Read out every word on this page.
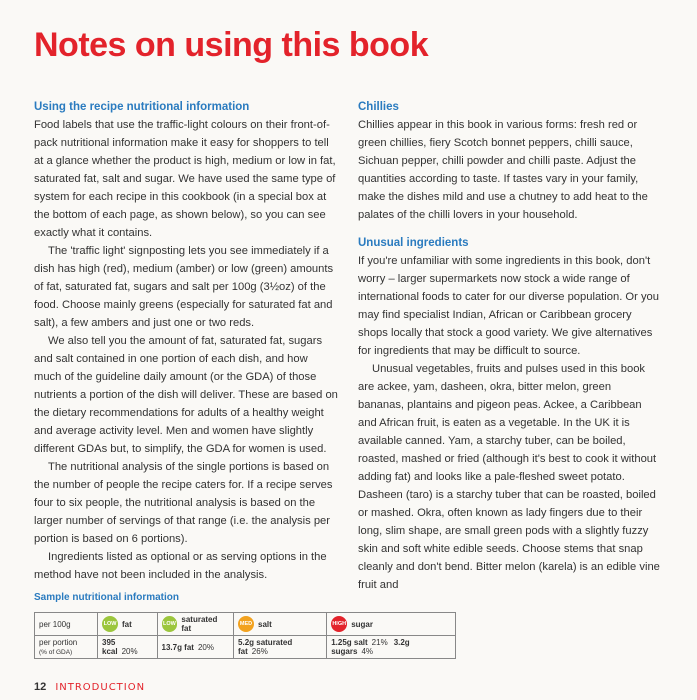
Notes on using this book
Using the recipe nutritional information

Food labels that use the traffic-light colours on their front-of-pack nutritional information make it easy for shoppers to tell at a glance whether the product is high, medium or low in fat, saturated fat, salt and sugar. We have used the same type of system for each recipe in this cookbook (in a special box at the bottom of each page, as shown below), so you can see exactly what it contains.

The 'traffic light' signposting lets you see immediately if a dish has high (red), medium (amber) or low (green) amounts of fat, saturated fat, sugars and salt per 100g (3½oz) of the food. Choose mainly greens (especially for saturated fat and salt), a few ambers and just one or two reds.

We also tell you the amount of fat, saturated fat, sugars and salt contained in one portion of each dish, and how much of the guideline daily amount (or the GDA) of those nutrients a portion of the dish will deliver. These are based on the dietary recommendations for adults of a healthy weight and average activity level. Men and women have slightly different GDAs but, to simplify, the GDA for women is used.

The nutritional analysis of the single portions is based on the number of people the recipe caters for. If a recipe serves four to six people, the nutritional analysis is based on the larger number of servings of that range (i.e. the analysis per portion is based on 6 portions).

Ingredients listed as optional or as serving options in the method have not been included in the analysis.

Chillies

Chillies appear in this book in various forms: fresh red or green chillies, fiery Scotch bonnet peppers, chilli sauce, Sichuan pepper, chilli powder and chilli paste. Adjust the quantities according to taste. If tastes vary in your family, make the dishes mild and use a chutney to add heat to the palates of the chilli lovers in your household.

Unusual ingredients

If you're unfamiliar with some ingredients in this book, don't worry – larger supermarkets now stock a wide range of international foods to cater for our diverse population. Or you may find specialist Indian, African or Caribbean grocery shops locally that stock a good variety. We give alternatives for ingredients that may be difficult to source.

Unusual vegetables, fruits and pulses used in this book are ackee, yam, dasheen, okra, bitter melon, green bananas, plantains and pigeon peas. Ackee, a Caribbean and African fruit, is eaten as a vegetable. In the UK it is available canned. Yam, a starchy tuber, can be boiled, roasted, mashed or fried (although it's best to cook it without adding fat) and looks like a pale-fleshed sweet potato. Dasheen (taro) is a starchy tuber that can be roasted, boiled or mashed. Okra, often known as lady fingers due to their long, slim shape, are small green pods with a slightly fuzzy skin and soft white edible seeds. Choose stems that snap cleanly and don't bend. Bitter melon (karela) is an edible vine fruit and

Sample nutritional information
per 100g	LOW fat	LOW saturated fat	MED salt	HIGH sugar

per portion
(% of GDA)	395 kcal 20%	13.7g fat 20%	5.2g saturated fat 26%	1.25g salt 21% 3.2g sugars 4%
12 INTRODUCTION
